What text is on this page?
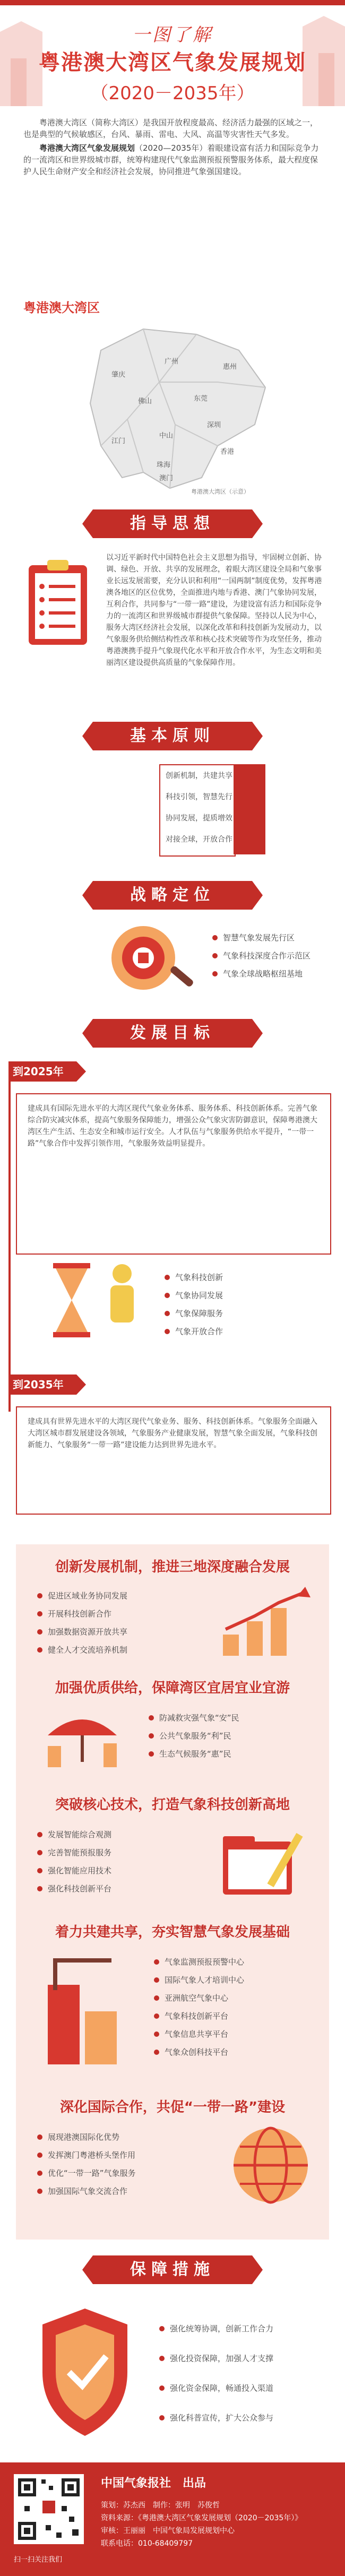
一图了解
粤港澳大湾区气象发展规划
（2020－2035年）

粤港澳大湾区（简称大湾区）是我国开放程度最高、经济活力最强的区域之一，也是典型的气候敏感区，台风、暴雨、雷电、大风、高温等灾害性天气多发。

粤港澳大湾区气象发展规划（2020—2035年）着眼建设富有活力和国际竞争力的一流湾区和世界级城市群，统筹构建现代气象监测预报预警服务体系，最大程度保护人民生命财产安全和经济社会发展，协同推进气象强国建设。

粤港澳大湾区
肇庆
广州
惠州
佛山	东莞
深圳
江门
中山
香港
珠海
澳门
粤港澳大湾区（示意）
指导思想
以习近平新时代中国特色社会主义思想为指导，牢固树立创新、协调、绿色、开放、共享的发展理念，着眼大湾区建设全局和气象事业长远发展需要，充分认识和利用“一国两制”制度优势，发挥粤港澳各地区的区位优势，全面推进内地与香港、澳门气象协同发展，互利合作，共同参与“一带一路”建设，为建设富有活力和国际竞争力的一流湾区和世界级城市群提供气象保障。坚持以人民为中心，服务大湾区经济社会发展，以深化改革和科技创新为发展动力，以气象服务供给侧结构性改革和核心技术突破等作为攻坚任务，推动粤港澳携手提升气象现代化水平和开放合作水平，为生态文明和美丽湾区建设提供高质量的气象保障作用。
基本原则
创新机制，共建共享
科技引领，智慧先行
协同发展，提质增效
对接全球，开放合作
战略定位
智慧气象发展先行区
气象科技深度合作示范区
气象全球战略枢纽基地
发展目标
到2025年
建成具有国际先进水平的大湾区现代气象业务体系、服务体系、科技创新体系。完善气象综合防灾减灾体系，提高气象服务保障能力，增强公众气象灾害防御意识，保障粤港澳大湾区生产生活、生态安全和城市运行安全。人才队伍与气象服务供给水平提升，“一带一路”气象合作中发挥引领作用，气象服务效益明显提升。
气象科技创新
气象协同发展
气象保障服务
气象开放合作
到2035年
建成具有世界先进水平的大湾区现代气象业务、服务、科技创新体系。气象服务全面融入大湾区城市群发展建设各领域，气象服务产业健康发展，智慧气象全面发展，气象科技创新能力、气象服务“一带一路”建设能力达到世界先进水平。
创新发展机制，推进三地深度融合发展
促进区域业务协同发展
开展科技创新合作
加强数据资源开放共享
健全人才交流培养机制
加强优质供给，保障湾区宜居宜业宜游
防减救灾强气象“安”民
公共气象服务“利”民
生态气候服务“惠”民
突破核心技术，打造气象科技创新高地
发展智能综合观测
完善智能预报服务
强化智能应用技术
强化科技创新平台
着力共建共享，夯实智慧气象发展基础
气象监测预报预警中心
国际气象人才培训中心
亚洲航空气象中心
气象科技创新平台
气象信息共享平台
气象众创科技平台
深化国际合作，共促“一带一路”建设
展现港澳国际化优势
发挥澳门粤港桥头堡作用
优化“一带一路”气象服务
加强国际气象交流合作
保障措施
强化统筹协调，创新工作合力
强化投资保障，加强人才支撑
强化资金保障，畅通投入渠道
强化科普宣传，扩大公众参与
中国气象报社　出品
策划：苏杰西　制作：张明　苏俊哲
资料来源：《粤港澳大湾区气象发展规划（2020－2035年）》
审核：王丽丽　中国气象局发展规划中心
联系电话：010-68409797
扫一扫关注我们
